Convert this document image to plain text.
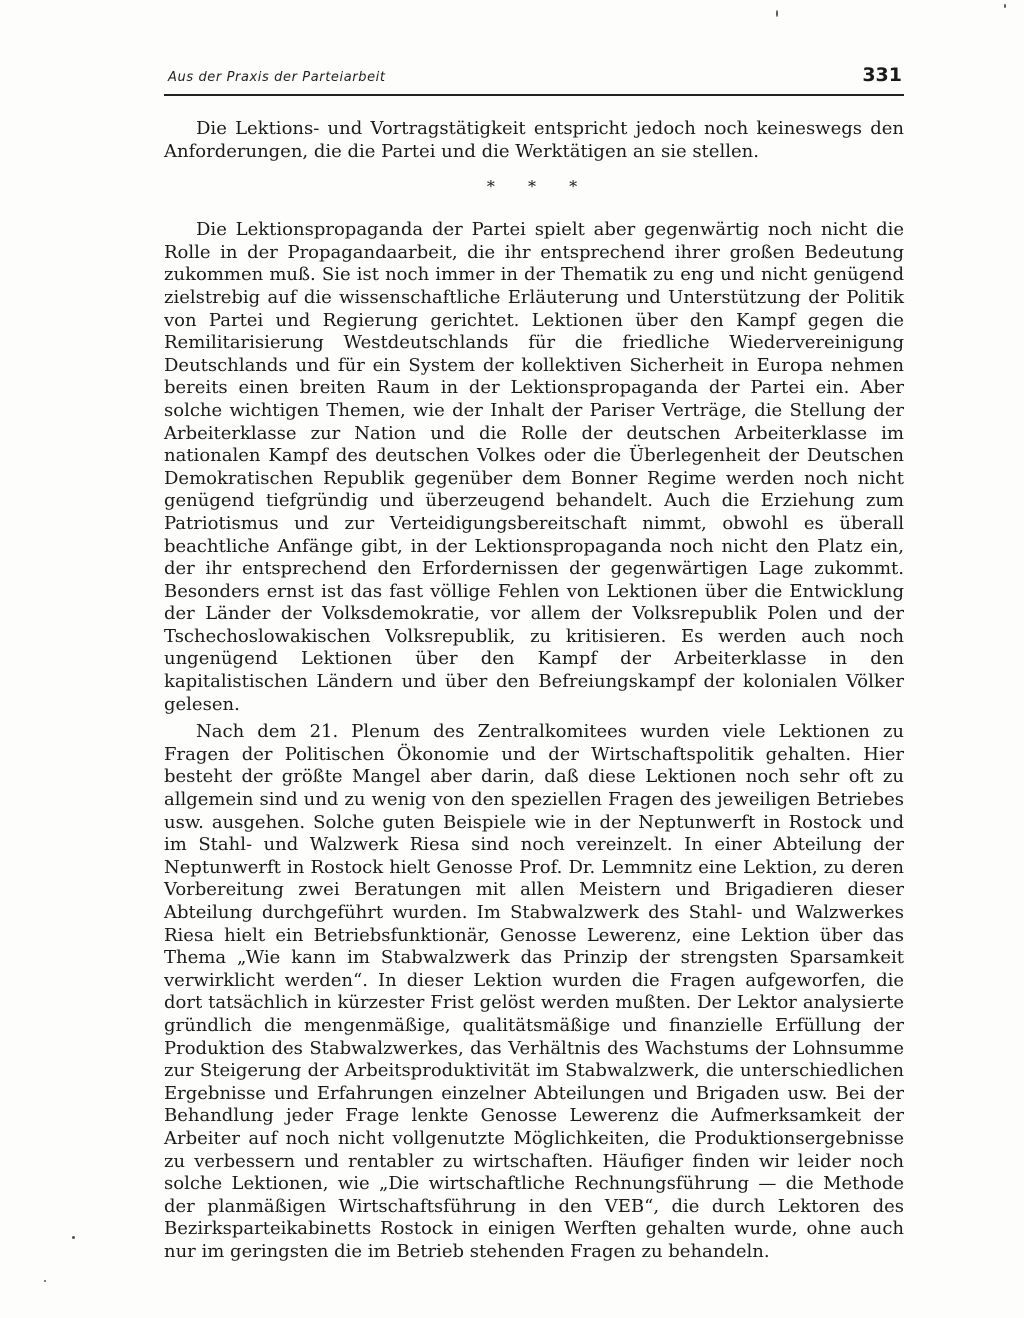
Aus der Praxis der Parteiarbeit	331

Die Lektions- und Vortragstätigkeit entspricht jedoch noch keineswegs den Anforderungen, die die Partei und die Werktätigen an sie stellen.

* * *

Die Lektionspropaganda der Partei spielt aber gegenwärtig noch nicht die Rolle in der Propagandaarbeit, die ihr entsprechend ihrer großen Bedeutung zukommen muß. Sie ist noch immer in der Thematik zu eng und nicht genügend zielstrebig auf die wissenschaftliche Erläuterung und Unterstützung der Politik von Partei und Regierung gerichtet. Lektionen über den Kampf gegen die Remilitarisierung Westdeutschlands für die friedliche Wiedervereinigung Deutschlands und für ein System der kollektiven Sicherheit in Europa nehmen bereits einen breiten Raum in der Lektionspropaganda der Partei ein. Aber solche wichtigen Themen, wie der Inhalt der Pariser Verträge, die Stellung der Arbeiterklasse zur Nation und die Rolle der deutschen Arbeiterklasse im nationalen Kampf des deutschen Volkes oder die Überlegenheit der Deutschen Demokratischen Republik gegenüber dem Bonner Regime werden noch nicht genügend tiefgründig und überzeugend behandelt. Auch die Erziehung zum Patriotismus und zur Verteidigungsbereitschaft nimmt, obwohl es überall beachtliche Anfänge gibt, in der Lektionspropaganda noch nicht den Platz ein, der ihr entsprechend den Erfordernissen der gegenwärtigen Lage zukommt. Besonders ernst ist das fast völlige Fehlen von Lektionen über die Entwicklung der Länder der Volksdemokratie, vor allem der Volksrepublik Polen und der Tschechoslowakischen Volksrepublik, zu kritisieren. Es werden auch noch ungenügend Lektionen über den Kampf der Arbeiterklasse in den kapitalistischen Ländern und über den Befreiungskampf der kolonialen Völker gelesen.

Nach dem 21. Plenum des Zentralkomitees wurden viele Lektionen zu Fragen der Politischen Ökonomie und der Wirtschaftspolitik gehalten. Hier besteht der größte Mangel aber darin, daß diese Lektionen noch sehr oft zu allgemein sind und zu wenig von den speziellen Fragen des jeweiligen Betriebes usw. ausgehen. Solche guten Beispiele wie in der Neptunwerft in Rostock und im Stahl- und Walzwerk Riesa sind noch vereinzelt. In einer Abteilung der Neptunwerft in Rostock hielt Genosse Prof. Dr. Lemmnitz eine Lektion, zu deren Vorbereitung zwei Beratungen mit allen Meistern und Brigadieren dieser Abteilung durchgeführt wurden. Im Stabwalzwerk des Stahl- und Walzwerkes Riesa hielt ein Betriebsfunktionär, Genosse Lewerenz, eine Lektion über das Thema „Wie kann im Stabwalzwerk das Prinzip der strengsten Sparsamkeit verwirklicht werden“. In dieser Lektion wurden die Fragen aufgeworfen, die dort tatsächlich in kürzester Frist gelöst werden mußten. Der Lektor analysierte gründlich die mengenmäßige, qualitätsmäßige und finanzielle Erfüllung der Produktion des Stabwalzwerkes, das Verhältnis des Wachstums der Lohnsumme zur Steigerung der Arbeitsproduktivität im Stabwalzwerk, die unterschiedlichen Ergebnisse und Erfahrungen einzelner Abteilungen und Brigaden usw. Bei der Behandlung jeder Frage lenkte Genosse Lewerenz die Aufmerksamkeit der Arbeiter auf noch nicht vollgenutzte Möglichkeiten, die Produktionsergebnisse zu verbessern und rentabler zu wirtschaften. Häufiger finden wir leider noch solche Lektionen, wie „Die wirtschaftliche Rechnungsführung — die Methode der planmäßigen Wirtschaftsführung in den VEB“, die durch Lektoren des Bezirksparteikabinetts Rostock in einigen Werften gehalten wurde, ohne auch nur im geringsten die im Betrieb stehenden Fragen zu behandeln.
